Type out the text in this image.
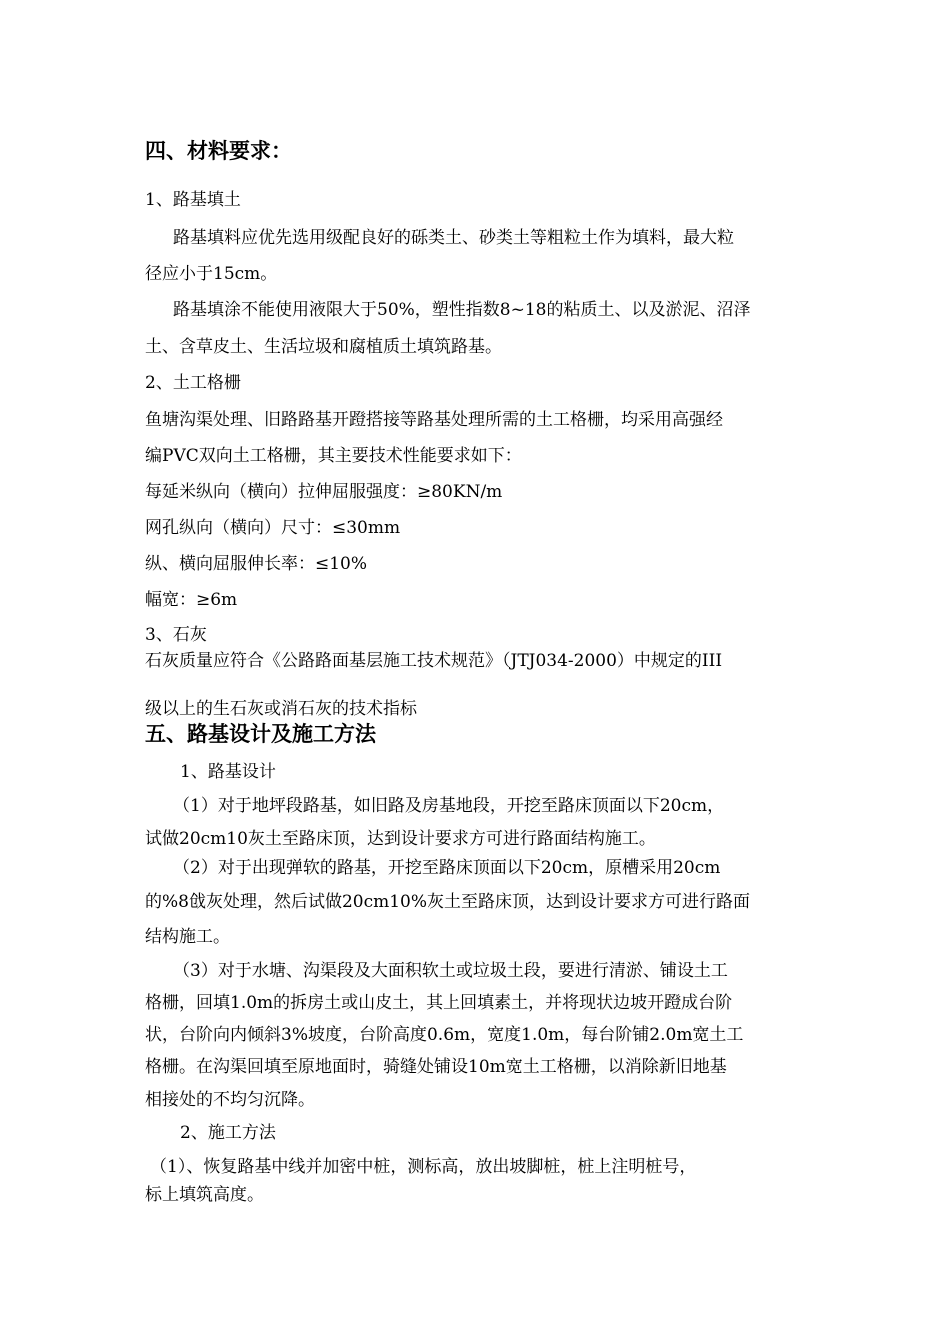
四、材料要求：
1、路基填土
路基填料应优先选用级配良好的砾类土、砂类土等粗粒土作为填料，最大粒
径应小于15cm。
路基填涂不能使用液限大于50%，塑性指数8~18的粘质土、以及淤泥、沼泽
土、含草皮土、生活垃圾和腐植质土填筑路基。
2、土工格栅
鱼塘沟渠处理、旧路路基开蹬搭接等路基处理所需的土工格栅，均采用高强经
编PVC双向土工格栅，其主要技术性能要求如下：
每延米纵向（横向）拉伸屈服强度：≥80KN/m
网孔纵向（横向）尺寸：≤30mm
纵、横向屈服伸长率：≤10%
幅宽：≥6m
3、石灰
石灰质量应符合《公路路面基层施工技术规范》（JTJ034-2000）中规定的III
级以上的生石灰或消石灰的技术指标
五、路基设计及施工方法
1、路基设计
（1）对于地坪段路基，如旧路及房基地段，开挖至路床顶面以下20cm，
试做20cm10灰土至路床顶，达到设计要求方可进行路面结构施工。
（2）对于出现弹软的路基，开挖至路床顶面以下20cm，原槽采用20cm
的%8戗灰处理，然后试做20cm10%灰土至路床顶，达到设计要求方可进行路面
结构施工。
（3）对于水塘、沟渠段及大面积软土或垃圾土段，要进行清淤、铺设土工
格栅，回填1.0m的拆房土或山皮土，其上回填素土，并将现状边坡开蹬成台阶
状，台阶向内倾斜3%坡度，台阶高度0.6m，宽度1.0m，每台阶铺2.0m宽土工
格栅。在沟渠回填至原地面时，骑缝处铺设10m宽土工格栅，以消除新旧地基
相接处的不均匀沉降。
2、施工方法
（1）、恢复路基中线并加密中桩，测标高，放出坡脚桩，桩上注明桩号，
标上填筑高度。
